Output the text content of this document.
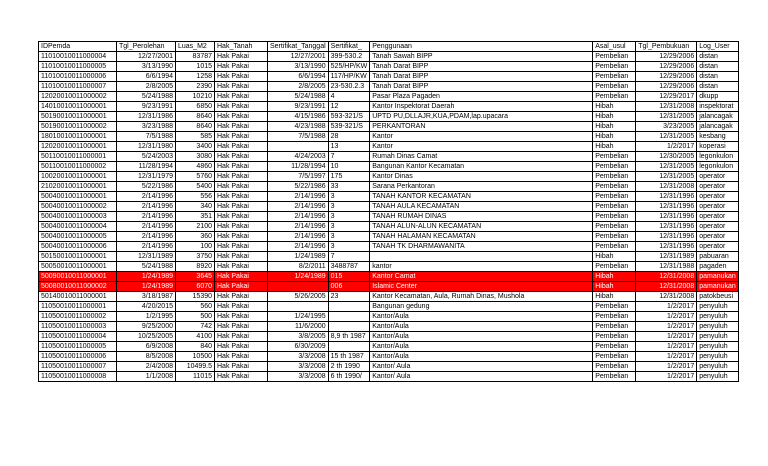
IDPemda	Tgl_Perolehan	Luas_M2	Hak_Tanah	Sertifikat_Tanggal	Sertifikat_	Penggunaan	Asal_usul	Tgl_Pembukuan	Log_User
11010010011000004	12/27/2001	83787	Hak Pakai	12/27/2001	399-530.2	Tanah Sawah BIPP	Pembelian	12/29/2006	distan
11010010011000005	3/13/1990	1015	Hak Pakai	3/13/1990	525/HP/KW	Tanah Darat BIPP	Pembelian	12/29/2006	distan
11010010011000006	6/6/1994	1258	Hak Pakai	6/6/1994	117/HP/KW	Tanah Darat BIPP	Pembelian	12/29/2006	distan
11010010011000007	2/8/2005	2390	Hak Pakai	2/8/2005	23-530.2.3	Tanah Darat BIPP	Pembelian	12/29/2006	distan
12020010011000002	5/24/1988	10210	Hak Pakai	5/24/1988	4	Pasar Plaza Pagaden	Pembelian	12/29/2017	dkupp
14010010011000001	9/23/1991	6850	Hak Pakai	9/23/1991	12	Kantor Inspektorat Daerah	Hibah	12/31/2008	inspektorat
50190010011000001	12/31/1986	8640	Hak Pakai	4/15/1986	593-321/S	UPTD PU,DLLAJR,KUA,PDAM,lap.upacara	Hibah	12/31/2005	jalancagak
50190010011000002	3/23/1988	8640	Hak Pakai	4/23/1988	539-321/S	PERKANTORAN	Hibah	3/23/2005	jalancagak
18010010011000001	7/5/1988	585	Hak Pakai	7/5/1988	28	Kantor	Hibah	12/31/2005	kesbang
12020010011000001	12/31/1980	3400	Hak Pakai		13	Kantor	Hibah	1/2/2017	koperasi
50110010011000001	5/24/2003	3080	Hak Pakai	4/24/2003	7	Rumah Dinas Camat	Pembelian	12/30/2005	legonkulon
50110010011000002	11/28/1994	4860	Hak Pakai	11/28/1994	10	Bangunan Kantor Kecamatan	Pembelian	12/31/2005	legonkulon
10020010011000001	12/31/1979	5760	Hak Pakai	7/5/1997	175	Kantor Dinas	Pembelian	12/31/2005	operator
21020010011000001	5/22/1986	5400	Hak Pakai	5/22/1986	33	Sarana Perkantoran	Pembelian	12/31/2008	operator
50040010011000001	2/14/1996	556	Hak Pakai	2/14/1996	3	TANAH KANTOR KECAMATAN	Pembelian	12/31/1996	operator
50040010011000002	2/14/1996	340	Hak Pakai	2/14/1996	3	TANAH AULA KECAMATAN	Pembelian	12/31/1996	operator
50040010011000003	2/14/1996	351	Hak Pakai	2/14/1996	3	TANAH RUMAH DINAS	Pembelian	12/31/1996	operator
50040010011000004	2/14/1996	2100	Hak Pakai	2/14/1996	3	TANAH ALUN-ALUN KECAMATAN	Pembelian	12/31/1996	operator
50040010011000005	2/14/1996	360	Hak Pakai	2/14/1996	3	TANAH HALAMAN KECAMATAN	Pembelian	12/31/1996	operator
50040010011000006	2/14/1996	100	Hak Pakai	2/14/1996	3	TANAH TK DHARMAWANITA	Pembelian	12/31/1996	operator
50150010011000001	12/31/1989	3750	Hak Pakai	1/24/1989	7		Hibah	12/31/1989	pabuaran
50050010011000001	5/24/1988	8920	Hak Pakai	8/2/2011	3488787	kantor	Pembelian	12/31/1988	pagaden
50090010011000001	1/24/1989	3645	Hak Pakai	1/24/1989	015	Kantor Camat	Hibah	12/31/2008	pamanukan
50080010011000002	1/24/1989	6070	Hak Pakai		006	Islamic Center	Hibah	12/31/2008	pamanukan
50140010011000001	3/18/1987	15390	Hak Pakai	5/26/2005	23	Kantor Kecamatan, Aula, Rumah Dinas, Mushola	Hibah	12/31/2008	patokbeusi
11050010011000001	4/20/2015	560	Hak Pakai			Bangunan gedung	Pembelian	1/2/2017	penyuluh
11050010011000002	1/2/1995	500	Hak Pakai	1/24/1995		Kantor/Aula	Pembelian	1/2/2017	penyuluh
11050010011000003	9/25/2000	742	Hak Pakai	11/6/2000		Kantor/Aula	Pembelian	1/2/2017	penyuluh
11050010011000004	10/25/2005	4100	Hak Pakai	3/8/2005	8,9 th 1987	Kantor/Aula	Pembelian	1/2/2017	penyuluh
11050010011000005	6/9/2008	840	Hak Pakai	6/30/2009		Kantor/Aula	Pembelian	1/2/2017	penyuluh
11050010011000006	8/5/2008	10500	Hak Pakai	3/3/2008	15 th 1987	Kantor/Aula	Pembelian	1/2/2017	penyuluh
11050010011000007	2/4/2008	10499.5	Hak Pakai	3/3/2008	2 th 1990	Kantor/ Aula	Pembelian	1/2/2017	penyuluh
11050010011000008	1/1/2008	11015	Hak Pakai	3/3/2008	6 th 1990/	Kantor/ Aula	Pembelian	1/2/2017	penyuluh
